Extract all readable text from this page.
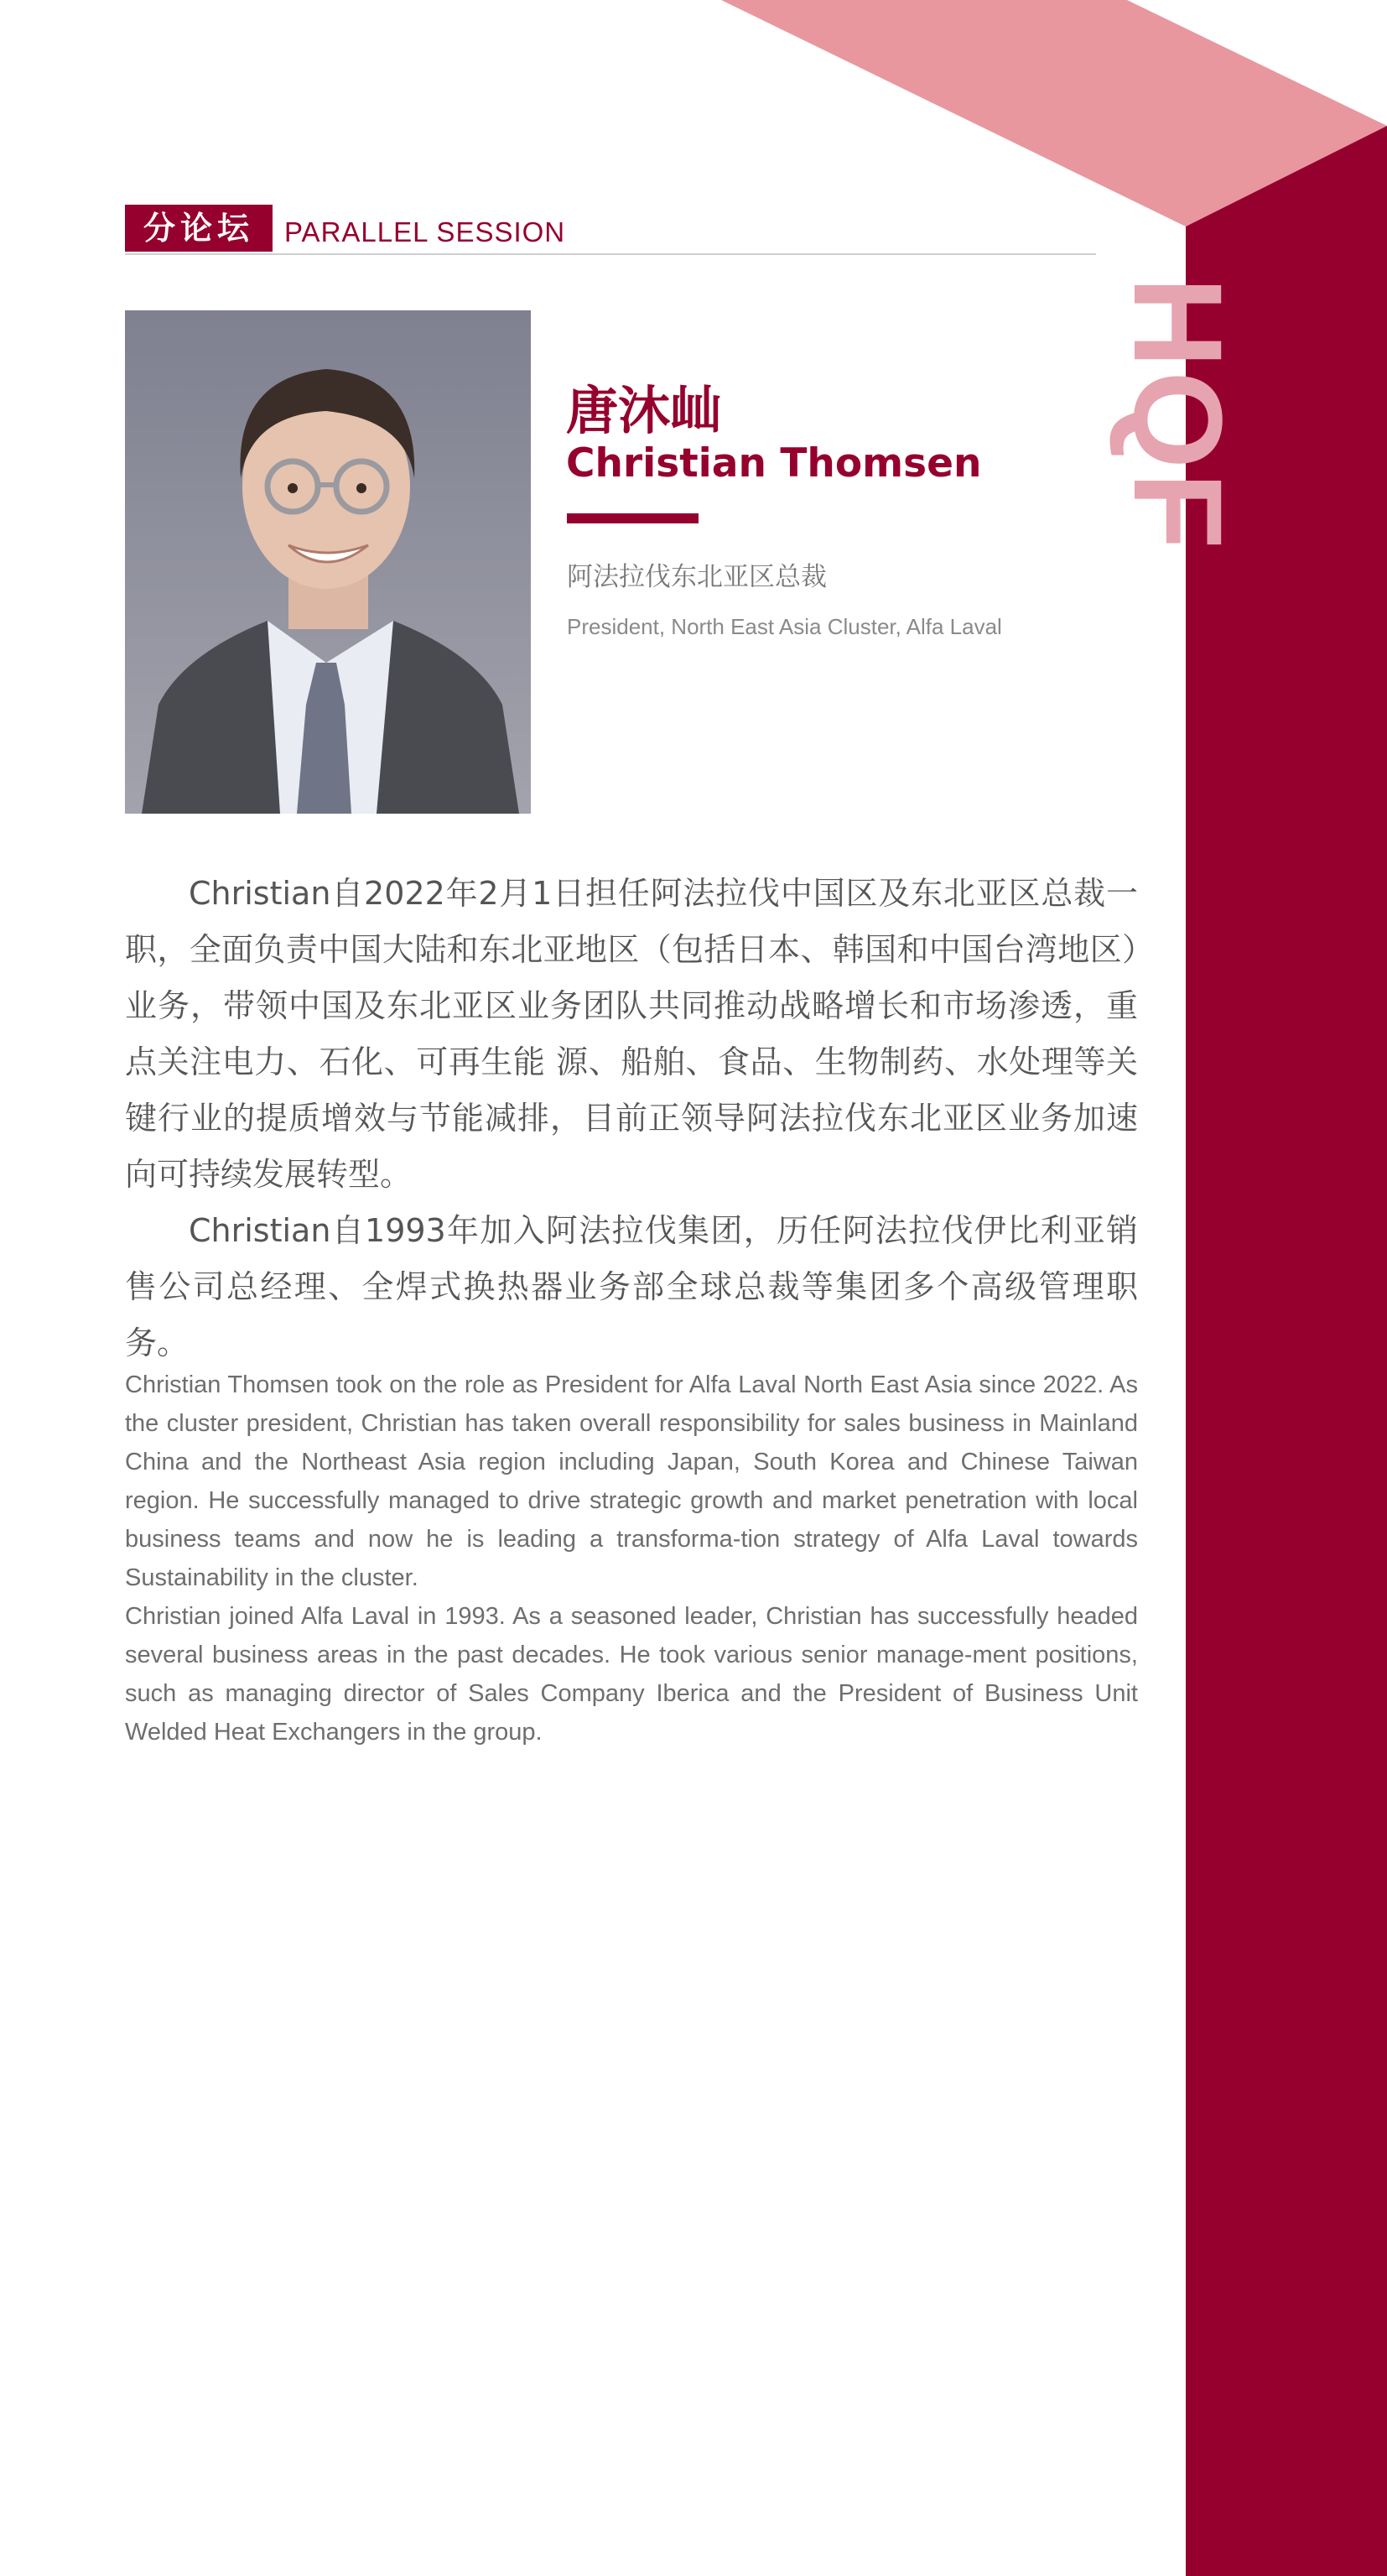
HQF
分论坛	PARALLEL SESSION
唐沐屾
Christian Thomsen
阿法拉伐东北亚区总裁
President, North East Asia Cluster, Alfa Laval

Christian自2022年2月1日担任阿法拉伐中国区及东北亚区总裁一职，全面负责中国大陆和东北亚地区（包括日本、韩国和中国台湾地区）业务，带领中国及东北亚区业务团队共同推动战略增长和市场渗透，重点关注电力、石化、可再生能 源、船舶、食品、生物制药、水处理等关键行业的提质增效与节能减排，目前正领导阿法拉伐东北亚区业务加速向可持续发展转型。

Christian自1993年加入阿法拉伐集团，历任阿法拉伐伊比利亚销售公司总经理、全焊式换热器业务部全球总裁等集团多个高级管理职务。

Christian Thomsen took on the role as President for Alfa Laval North East Asia since 2022. As the cluster president, Christian has taken overall responsibility for sales business in Mainland China and the Northeast Asia region including Japan, South Korea and Chinese Taiwan region. He successfully managed to drive strategic growth and market penetration with local business teams and now he is leading a transforma-tion strategy of Alfa Laval towards Sustainability in the cluster.

Christian joined Alfa Laval in 1993. As a seasoned leader, Christian has successfully headed several business areas in the past decades. He took various senior manage-ment positions, such as managing director of Sales Company Iberica and the President of Business Unit Welded Heat Exchangers in the group.
